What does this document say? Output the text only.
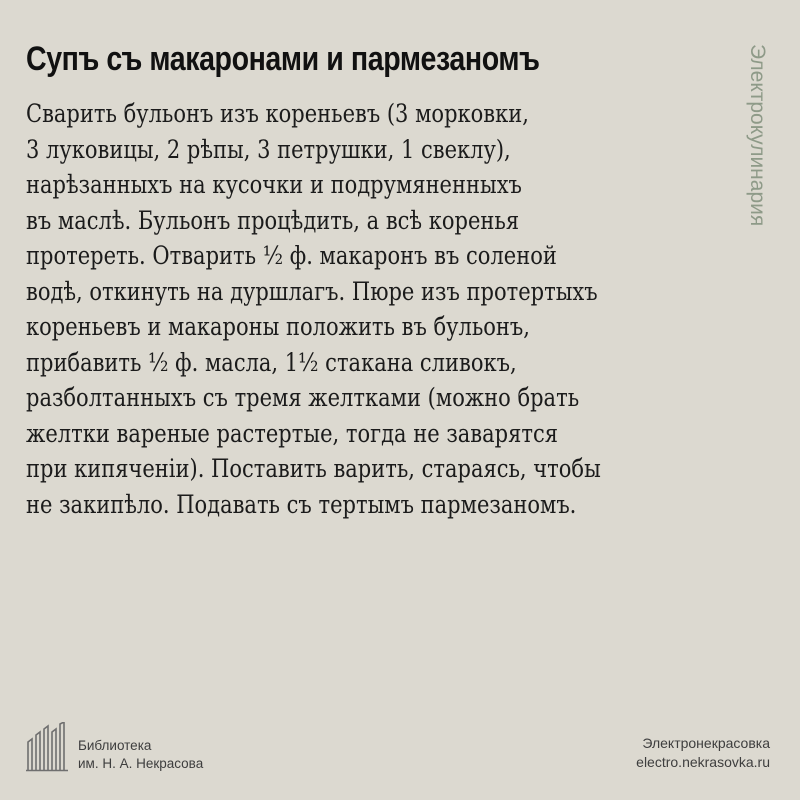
Супъ съ макаронами и пармезаномъ
Сварить бульонъ изъ кореньевъ (3 морковки,
3 луковицы, 2 рѣпы, 3 петрушки, 1 свеклу),
нарѣзанныхъ на кусочки и подрумяненныхъ
въ маслѣ. Бульонъ процѣдить, а всѣ коренья
протереть. Отварить ½ ф. макаронъ въ соленой
водѣ, откинуть на дуршлагъ. Пюре изъ протертыхъ
кореньевъ и макароны положить въ бульонъ,
прибавить ½ ф. масла, 1½ стакана сливокъ,
разболтанныхъ съ тремя желтками (можно брать
желтки вареные растертые, тогда не заварятся
при кипяченіи). Поставить варить, стараясь, чтобы
не закипѣло. Подавать съ тертымъ пармезаномъ.
Электрокулинария
Библиотека
им. Н. А. Некрасова
Электронекрасовка
electro.nekrasovka.ru
